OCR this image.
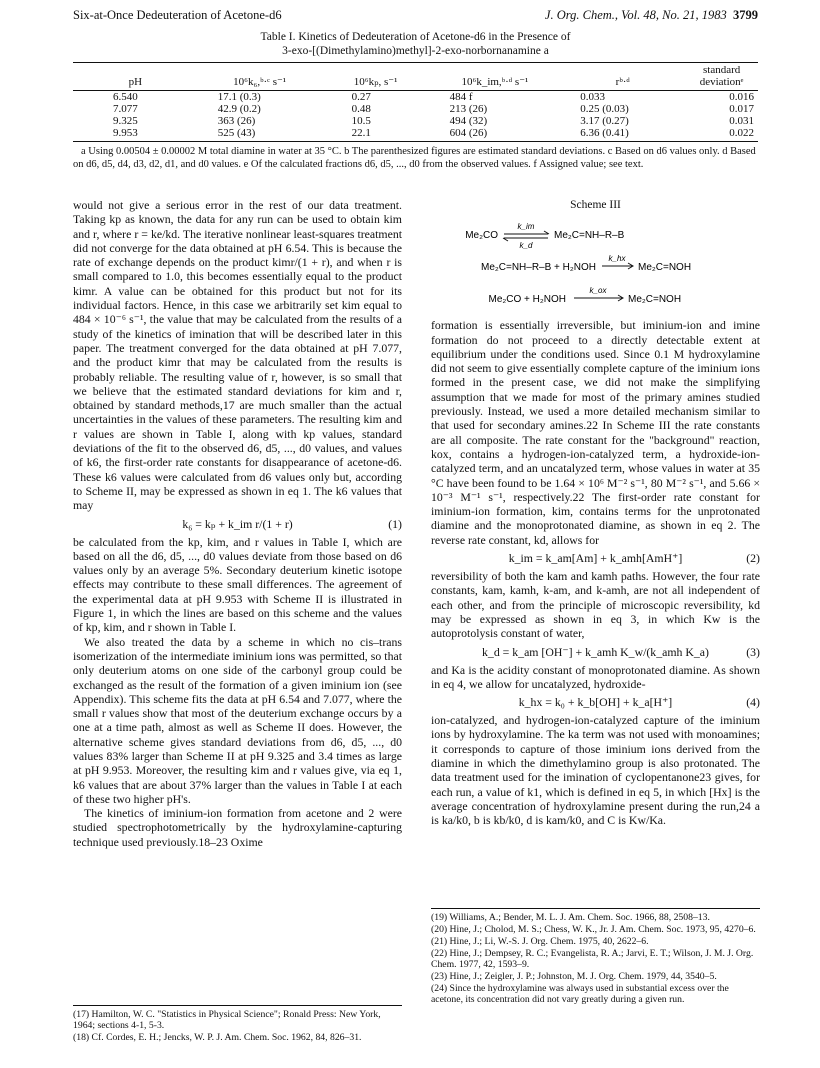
Six-at-Once Dedeuteration of Acetone-d6	J. Org. Chem., Vol. 48, No. 21, 1983 3799
Table I. Kinetics of Dedeuteration of Acetone-d6 in the Presence of
3-exo-[(Dimethylamino)methyl]-2-exo-norbornanamine a
pH	10⁶k₆,ᵇ·ᶜ s⁻¹	10⁶kₚ, s⁻¹	10⁶k_im,ᵇ·ᵈ s⁻¹	rᵇ·ᵈ	standard deviationᵉ
6.540	17.1 (0.3)	0.27	484 f	0.033	0.016
7.077	42.9 (0.2)	0.48	213 (26)	0.25 (0.03)	0.017
9.325	363 (26)	10.5	494 (32)	3.17 (0.27)	0.031
9.953	525 (43)	22.1	604 (26)	6.36 (0.41)	0.022
a Using 0.00504 ± 0.00002 M total diamine in water at 35 °C. b The parenthesized figures are estimated standard deviations. c Based on d6 values only. d Based on d6, d5, d4, d3, d2, d1, and d0 values. e Of the calculated fractions d6, d5, ..., d0 from the observed values. f Assigned value; see text.

would not give a serious error in the rest of our data treatment. Taking kp as known, the data for any run can be used to obtain kim and r, where r = ke/kd. The iterative nonlinear least-squares treatment did not converge for the data obtained at pH 6.54. This is because the rate of exchange depends on the product kimr/(1 + r), and when r is small compared to 1.0, this becomes essentially equal to the product kimr. A value can be obtained for this product but not for its individual factors. Hence, in this case we arbitrarily set kim equal to 484 × 10⁻⁶ s⁻¹, the value that may be calculated from the results of a study of the kinetics of imination that will be described later in this paper. The treatment converged for the data obtained at pH 7.077, and the product kimr that may be calculated from the results is probably reliable. The resulting value of r, however, is so small that we believe that the estimated standard deviations for kim and r, obtained by standard methods,17 are much smaller than the actual uncertainties in the values of these parameters. The resulting kim and r values are shown in Table I, along with kp values, standard deviations of the fit to the observed d6, d5, ..., d0 values, and values of k6, the first-order rate constants for disappearance of acetone-d6. These k6 values were calculated from d6 values only but, according to Scheme II, may be expressed as shown in eq 1. The k6 values that may

k₆ = kₚ + k_im r/(1 + r)	(1)

be calculated from the kp, kim, and r values in Table I, which are based on all the d6, d5, ..., d0 values deviate from those based on d6 values only by an average 5%. Secondary deuterium kinetic isotope effects may contribute to these small differences. The agreement of the experimental data at pH 9.953 with Scheme II is illustrated in Figure 1, in which the lines are based on this scheme and the values of kp, kim, and r shown in Table I.

We also treated the data by a scheme in which no cis–trans isomerization of the intermediate iminium ions was permitted, so that only deuterium atoms on one side of the carbonyl group could be exchanged as the result of the formation of a given iminium ion (see Appendix). This scheme fits the data at pH 6.54 and 7.077, where the small r values show that most of the deuterium exchange occurs by a one at a time path, almost as well as Scheme II does. However, the alternative scheme gives standard deviations from d6, d5, ..., d0 values 83% larger than Scheme II at pH 9.325 and 3.4 times as large at pH 9.953. Moreover, the resulting kim and r values give, via eq 1, k6 values that are about 37% larger than the values in Table I at each of these two higher pH's.

The kinetics of iminium-ion formation from acetone and 2 were studied spectrophotometrically by the hydroxylamine-capturing technique used previously.18–23 Oxime

(17) Hamilton, W. C. "Statistics in Physical Science"; Ronald Press: New York, 1964; sections 4-1, 5-3.

(18) Cf. Cordes, E. H.; Jencks, W. P. J. Am. Chem. Soc. 1962, 84, 826–31.

Scheme III
Me₂CO
k_im
k_d
Me₂C=NH–R–B
Me₂C=NH–R–B + H₂NOH
k_hx
Me₂C=NOH
Me₂CO + H₂NOH
k_ox
Me₂C=NOH

formation is essentially irreversible, but iminium-ion and imine formation do not proceed to a directly detectable extent at equilibrium under the conditions used. Since 0.1 M hydroxylamine did not seem to give essentially complete capture of the iminium ions formed in the present case, we did not make the simplifying assumption that we made for most of the primary amines studied previously. Instead, we used a more detailed mechanism similar to that used for secondary amines.22 In Scheme III the rate constants are all composite. The rate constant for the "background" reaction, kox, contains a hydrogen-ion-catalyzed term, a hydroxide-ion-catalyzed term, and an uncatalyzed term, whose values in water at 35 °C have been found to be 1.64 × 10⁶ M⁻² s⁻¹, 80 M⁻² s⁻¹, and 5.66 × 10⁻³ M⁻¹ s⁻¹, respectively.22 The first-order rate constant for iminium-ion formation, kim, contains terms for the unprotonated diamine and the monoprotonated diamine, as shown in eq 2. The reverse rate constant, kd, allows for

k_im = k_am[Am] + k_amh[AmH⁺]	(2)

reversibility of both the kam and kamh paths. However, the four rate constants, kam, kamh, k-am, and k-amh, are not all independent of each other, and from the principle of microscopic reversibility, kd may be expressed as shown in eq 3, in which Kw is the autoprotolysis constant of water,

k_d = k_am [OH⁻] + k_amh K_w/(k_amh K_a)	(3)

and Ka is the acidity constant of monoprotonated diamine. As shown in eq 4, we allow for uncatalyzed, hydroxide-

k_hx = k₀ + k_b[OH] + k_a[H⁺]	(4)

ion-catalyzed, and hydrogen-ion-catalyzed capture of the iminium ions by hydroxylamine. The ka term was not used with monoamines; it corresponds to capture of those iminium ions derived from the diamine in which the dimethylamino group is also protonated. The data treatment used for the imination of cyclopentanone23 gives, for each run, a value of k1, which is defined in eq 5, in which [Hx] is the average concentration of hydroxylamine present during the run,24 a is ka/k0, b is kb/k0, d is kam/k0, and C is Kw/Ka.

(19) Williams, A.; Bender, M. L. J. Am. Chem. Soc. 1966, 88, 2508–13.

(20) Hine, J.; Cholod, M. S.; Chess, W. K., Jr. J. Am. Chem. Soc. 1973, 95, 4270–6.

(21) Hine, J.; Li, W.-S. J. Org. Chem. 1975, 40, 2622–6.

(22) Hine, J.; Dempsey, R. C.; Evangelista, R. A.; Jarvi, E. T.; Wilson, J. M. J. Org. Chem. 1977, 42, 1593–9.

(23) Hine, J.; Zeigler, J. P.; Johnston, M. J. Org. Chem. 1979, 44, 3540–5.

(24) Since the hydroxylamine was always used in substantial excess over the acetone, its concentration did not vary greatly during a given run.
